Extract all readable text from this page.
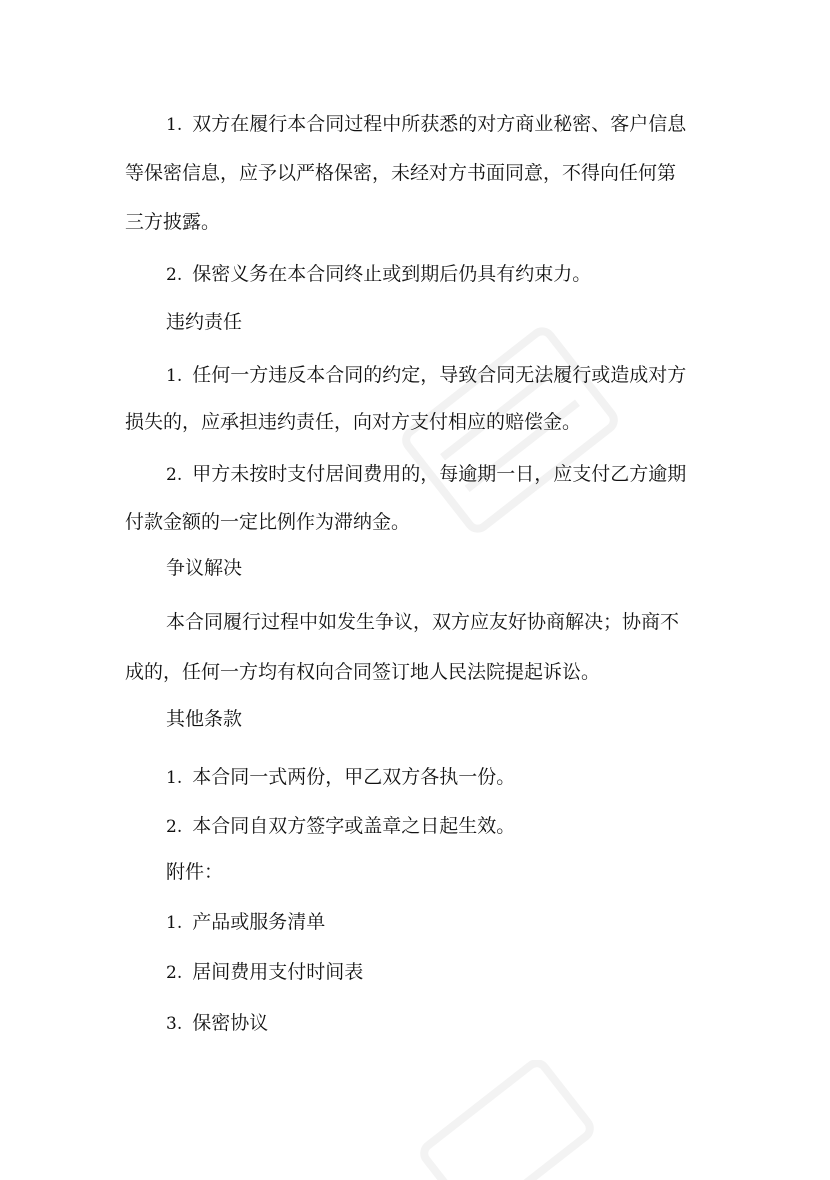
1. 双方在履行本合同过程中所获悉的对方商业秘密、客户信息
等保密信息，应予以严格保密，未经对方书面同意，不得向任何第
三方披露。
2. 保密义务在本合同终止或到期后仍具有约束力。
违约责任
1. 任何一方违反本合同的约定，导致合同无法履行或造成对方
损失的，应承担违约责任，向对方支付相应的赔偿金。
2. 甲方未按时支付居间费用的，每逾期一日，应支付乙方逾期
付款金额的一定比例作为滞纳金。
争议解决
本合同履行过程中如发生争议，双方应友好协商解决；协商不
成的，任何一方均有权向合同签订地人民法院提起诉讼。
其他条款
1. 本合同一式两份，甲乙双方各执一份。
2. 本合同自双方签字或盖章之日起生效。
附件：
1. 产品或服务清单
2. 居间费用支付时间表
3. 保密协议
